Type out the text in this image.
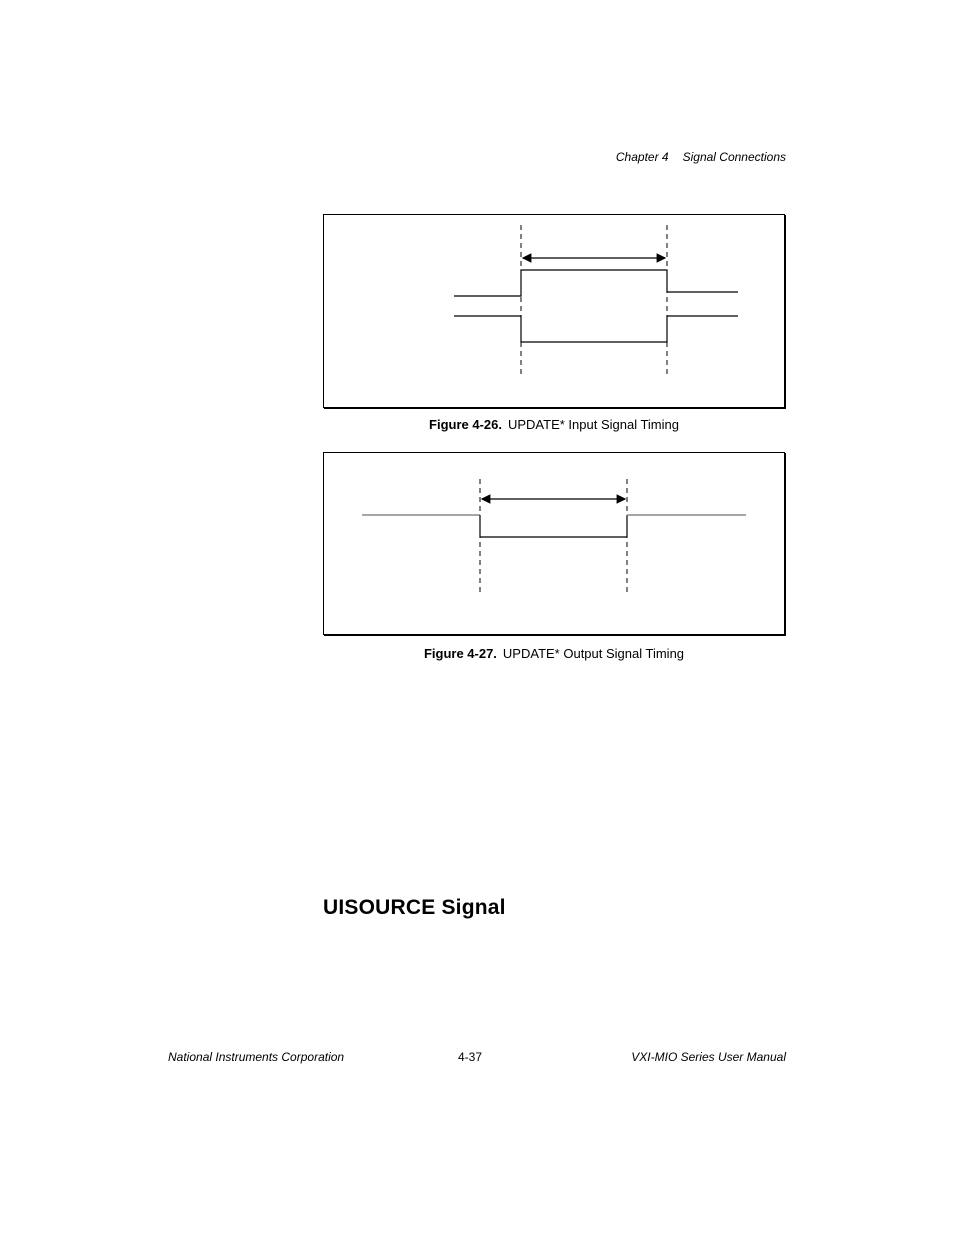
Chapter 4 Signal Connections
Figure 4-26. UPDATE* Input Signal Timing
Figure 4-27. UPDATE* Output Signal Timing
UISOURCE Signal
National Instruments Corporation	4-37	VXI-MIO Series User Manual
